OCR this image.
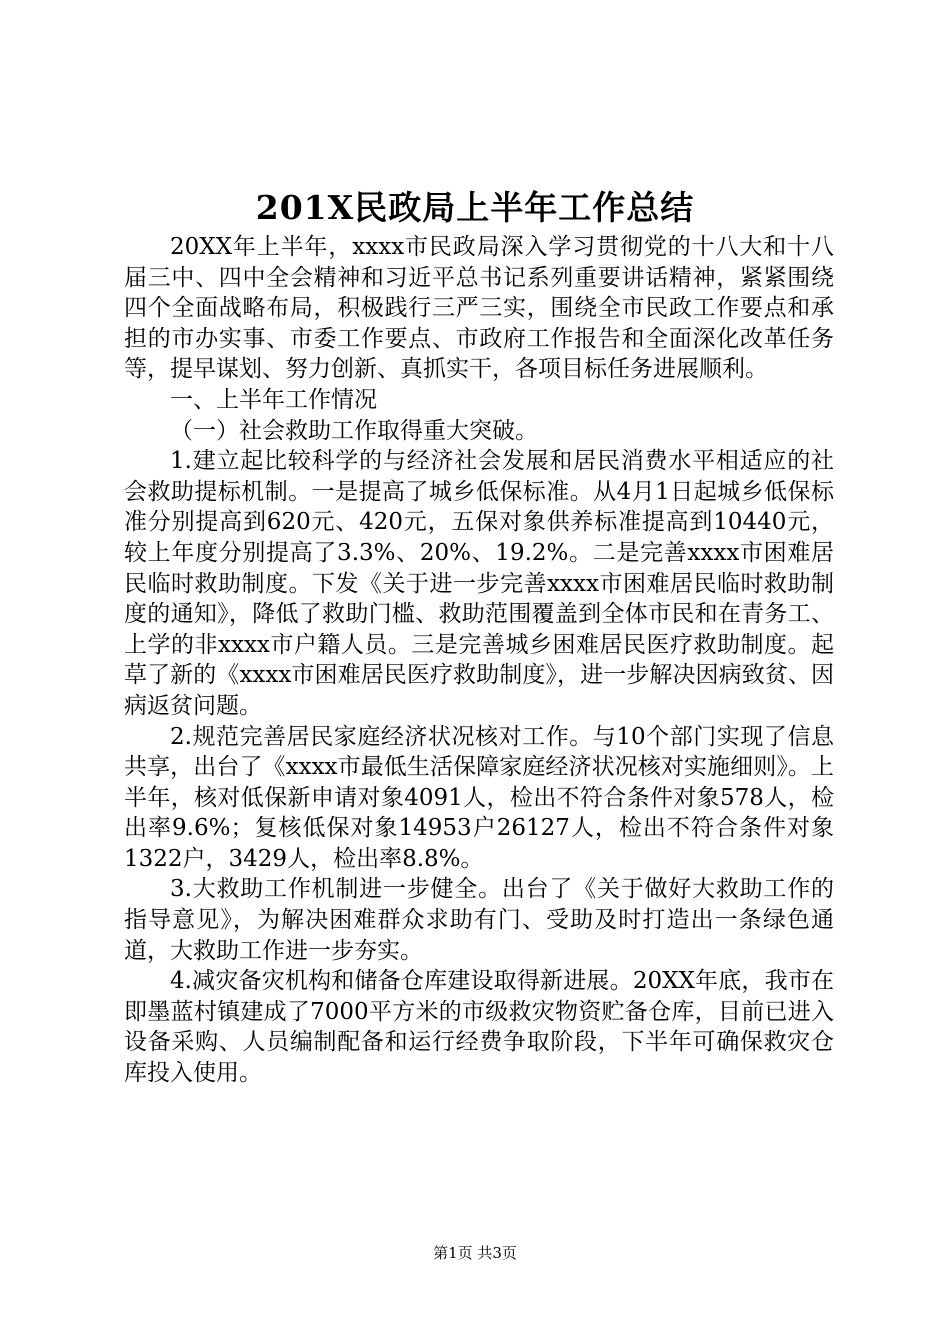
201X民政局上半年工作总结

20XX年上半年，xxxx市民政局深入学习贯彻党的十八大和十八届三中、四中全会精神和习近平总书记系列重要讲话精神，紧紧围绕四个全面战略布局，积极践行三严三实，围绕全市民政工作要点和承担的市办实事、市委工作要点、市政府工作报告和全面深化改革任务等，提早谋划、努力创新、真抓实干，各项目标任务进展顺利。

一、上半年工作情况

（一）社会救助工作取得重大突破。

1.建立起比较科学的与经济社会发展和居民消费水平相适应的社会救助提标机制。一是提高了城乡低保标准。从4月1日起城乡低保标准分别提高到620元、420元，五保对象供养标准提高到10440元，较上年度分别提高了3.3%、20%、19.2%。二是完善xxxx市困难居民临时救助制度。下发《关于进一步完善xxxx市困难居民临时救助制度的通知》，降低了救助门槛、救助范围覆盖到全体市民和在青务工、上学的非xxxx市户籍人员。三是完善城乡困难居民医疗救助制度。起草了新的《xxxx市困难居民医疗救助制度》，进一步解决因病致贫、因病返贫问题。

2.规范完善居民家庭经济状况核对工作。与10个部门实现了信息共享，出台了《xxxx市最低生活保障家庭经济状况核对实施细则》。上半年，核对低保新申请对象4091人，检出不符合条件对象578人，检出率9.6%；复核低保对象14953户26127人，检出不符合条件对象1322户，3429人，检出率8.8%。

3.大救助工作机制进一步健全。出台了《关于做好大救助工作的指导意见》，为解决困难群众求助有门、受助及时打造出一条绿色通道，大救助工作进一步夯实。

4.减灾备灾机构和储备仓库建设取得新进展。20XX年底，我市在即墨蓝村镇建成了7000平方米的市级救灾物资贮备仓库，目前已进入设备采购、人员编制配备和运行经费争取阶段，下半年可确保救灾仓库投入使用。

第1页 共3页
